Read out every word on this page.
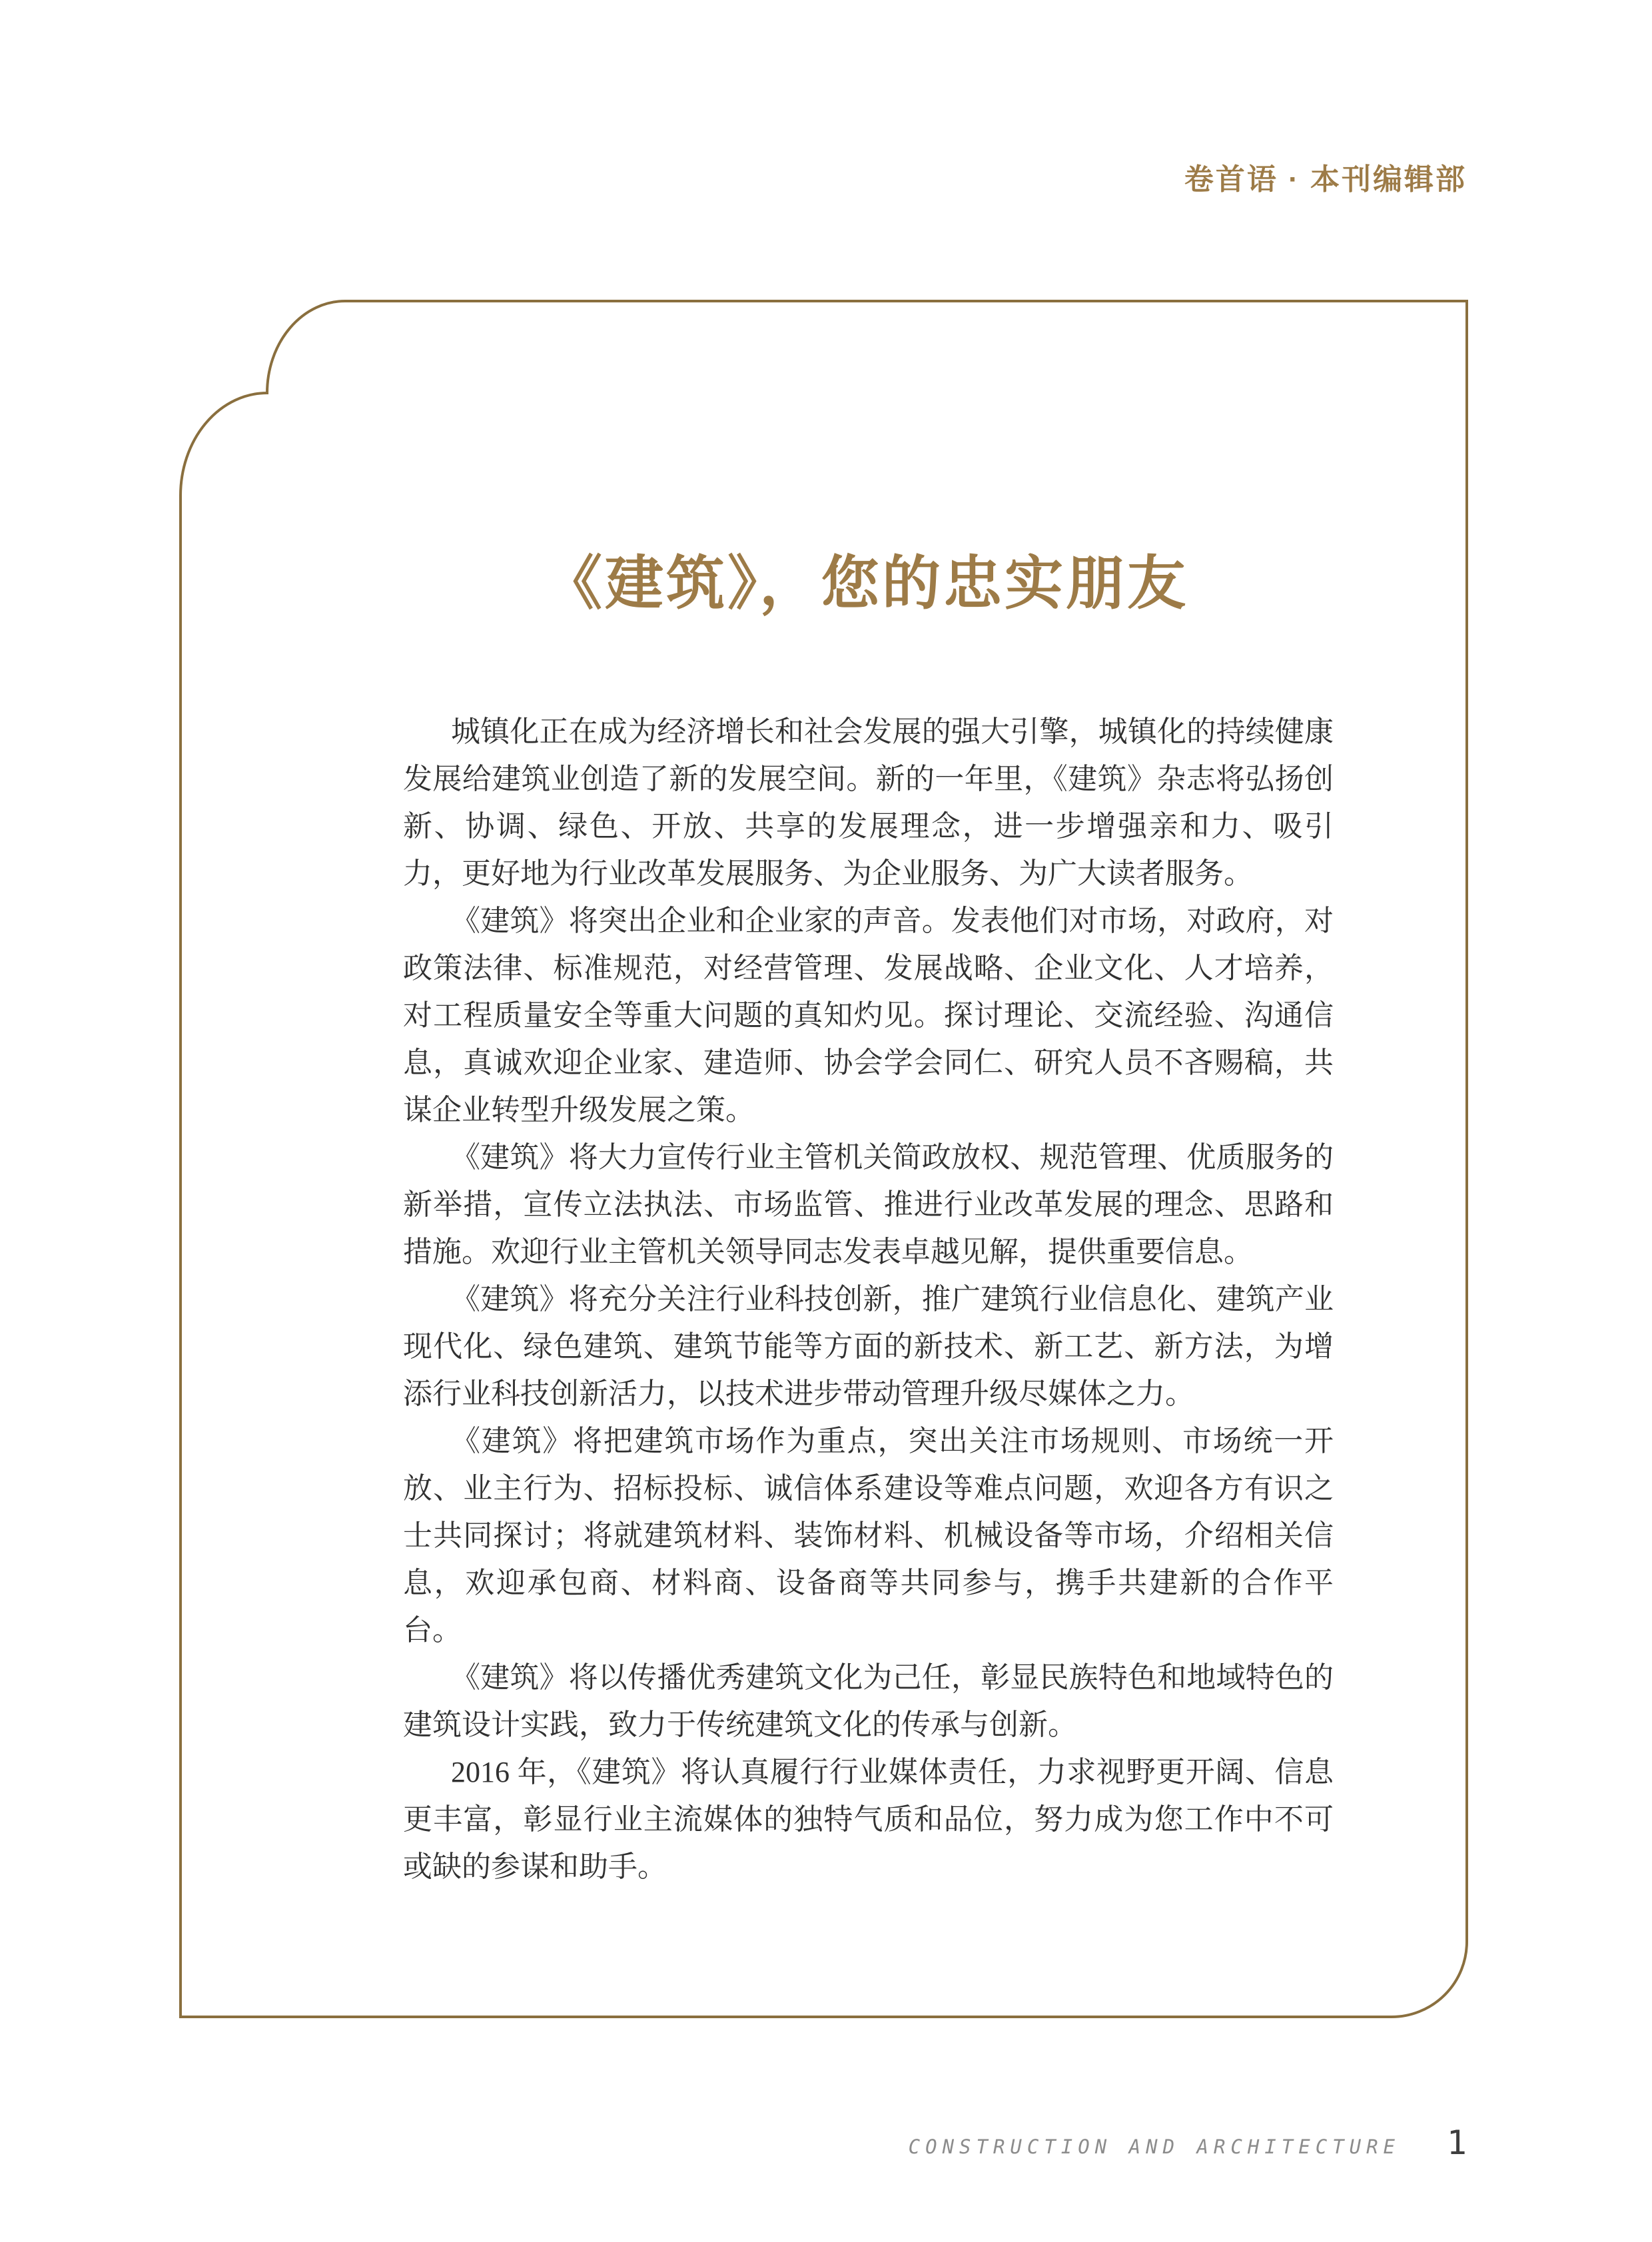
卷首语 · 本刊编辑部
《建筑》，您的忠实朋友

城镇化正在成为经济增长和社会发展的强大引擎，城镇化的持续健康发展给建筑业创造了新的发展空间。新的一年里，《建筑》杂志将弘扬创新、协调、绿色、开放、共享的发展理念，进一步增强亲和力、吸引力，更好地为行业改革发展服务、为企业服务、为广大读者服务。

《建筑》将突出企业和企业家的声音。发表他们对市场，对政府，对政策法律、标准规范，对经营管理、发展战略、企业文化、人才培养，对工程质量安全等重大问题的真知灼见。探讨理论、交流经验、沟通信息，真诚欢迎企业家、建造师、协会学会同仁、研究人员不吝赐稿，共谋企业转型升级发展之策。

《建筑》将大力宣传行业主管机关简政放权、规范管理、优质服务的新举措，宣传立法执法、市场监管、推进行业改革发展的理念、思路和措施。欢迎行业主管机关领导同志发表卓越见解，提供重要信息。

《建筑》将充分关注行业科技创新，推广建筑行业信息化、建筑产业现代化、绿色建筑、建筑节能等方面的新技术、新工艺、新方法，为增添行业科技创新活力，以技术进步带动管理升级尽媒体之力。

《建筑》将把建筑市场作为重点，突出关注市场规则、市场统一开放、业主行为、招标投标、诚信体系建设等难点问题，欢迎各方有识之士共同探讨；将就建筑材料、装饰材料、机械设备等市场，介绍相关信息，欢迎承包商、材料商、设备商等共同参与，携手共建新的合作平台。

《建筑》将以传播优秀建筑文化为己任，彰显民族特色和地域特色的建筑设计实践，致力于传统建筑文化的传承与创新。

2016 年，《建筑》将认真履行行业媒体责任，力求视野更开阔、信息更丰富，彰显行业主流媒体的独特气质和品位，努力成为您工作中不可或缺的参谋和助手。

CONSTRUCTION AND ARCHITECTURE 1
